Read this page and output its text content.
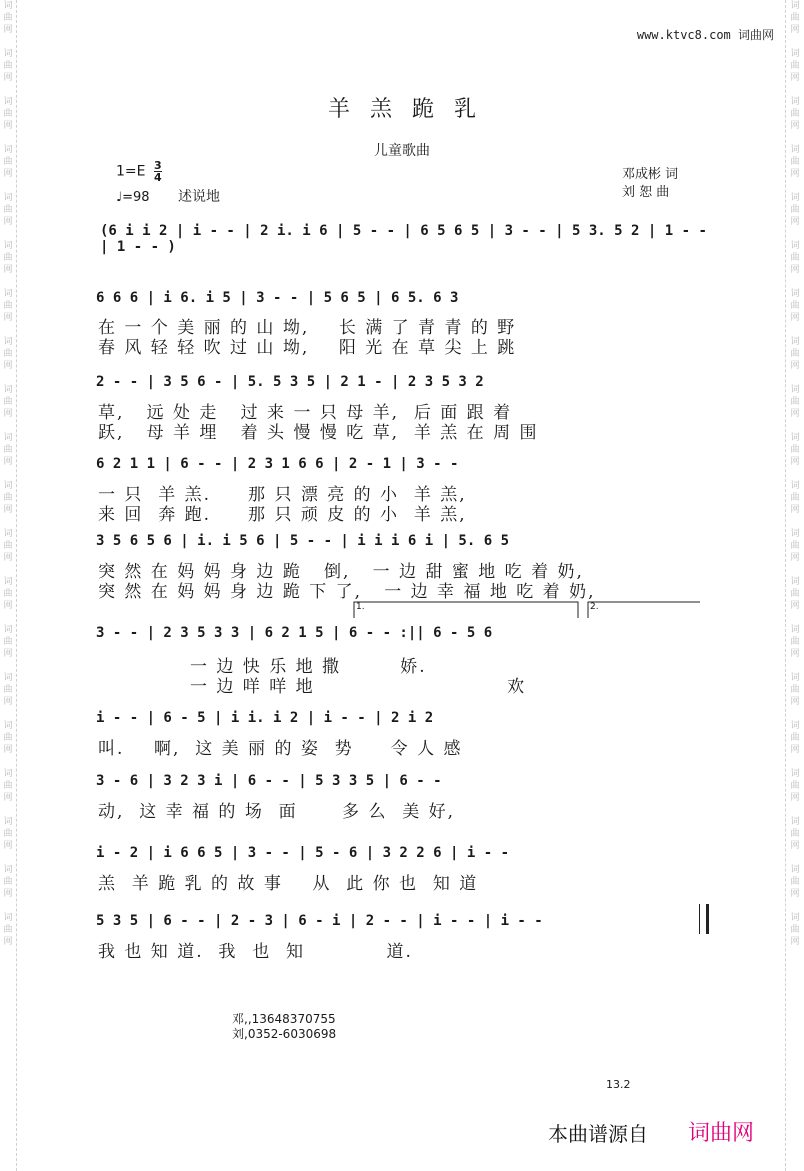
词曲网

词曲网

词曲网

词曲网

词曲网

词曲网

词曲网

词曲网

词曲网

词曲网

词曲网

词曲网

词曲网

词曲网

词曲网

词曲网

词曲网

词曲网

词曲网

词曲网
词曲网

词曲网

词曲网

词曲网

词曲网

词曲网

词曲网

词曲网

词曲网

词曲网

词曲网

词曲网

词曲网

词曲网

词曲网

词曲网

词曲网

词曲网

词曲网

词曲网
www.ktvc8.com 词曲网
羊羔跪乳
儿童歌曲
$1=E \frac{3}{4}$
♩=98 述说地
邓成彬 词
刘 恕 曲
(6 i i 2 | i - - | 2 i. i 6 | 5 - - | 6 5 6 5 | 3 - - | 5 3. 5 2 | 1 - - | 1 - - )
6 6 6 | i 6. i 5 | 3 - - | 5 6 5 | 6 5. 6 3
在 一 个 美 丽 的 山 坳,    长 满 了 青 青 的 野
春 风 轻 轻 吹 过 山 坳,    阳 光 在 草 尖 上 跳
2 - - | 3 5 6 - | 5. 5 3 5 | 2 1 - | 2 3 5 3 2
草,   远 处 走   过 来 一 只 母 羊,  后 面 跟 着
跃,   母 羊 埋   着 头 慢 慢 吃 草,  羊 羔 在 周 围
6 2 1 1 | 6 - - | 2 3 1 6 6 | 2 - 1 | 3 - -
一 只  羊 羔.     那 只 漂 亮 的 小  羊 羔,
来 回  奔 跑.     那 只 顽 皮 的 小  羊 羔,
3 5 6 5 6 | i. i 5 6 | 5 - - | i i i 6 i | 5. 6 5
突 然 在 妈 妈 身 边 跪   倒,   一 边 甜 蜜 地 吃 着 奶,
突 然 在 妈 妈 身 边 跪 下 了,   一 边 幸 福 地 吃 着 奶,
1.	2.
3 - - | 2 3 5 3 3 | 6 2 1 5 | 6 - - :|| 6 - 5 6
一 边 快 乐 地 撒        娇.
一 边 咩 咩 地                          欢
i - - | 6 - 5 | i i. i 2 | i - - | 2 i 2
叫.    啊,  这 美 丽 的 姿  势     令 人 感
3 - 6 | 3 2 3 i | 6 - - | 5 3 3 5 | 6 - -
动,  这 幸 福 的 场  面      多 么  美 好,
i - 2 | i 6 6 5 | 3 - - | 5 - 6 | 3 2 2 6 | i - -
羔  羊 跪 乳 的 故 事    从  此 你 也  知 道
5 3 5 | 6 - - | 2 - 3 | 6 - i | 2 - - | i - - | i - -
我 也 知 道.  我  也  知           道.
邓,,13648370755
刘,0352-6030698
13.2
本曲谱源自 词曲网
